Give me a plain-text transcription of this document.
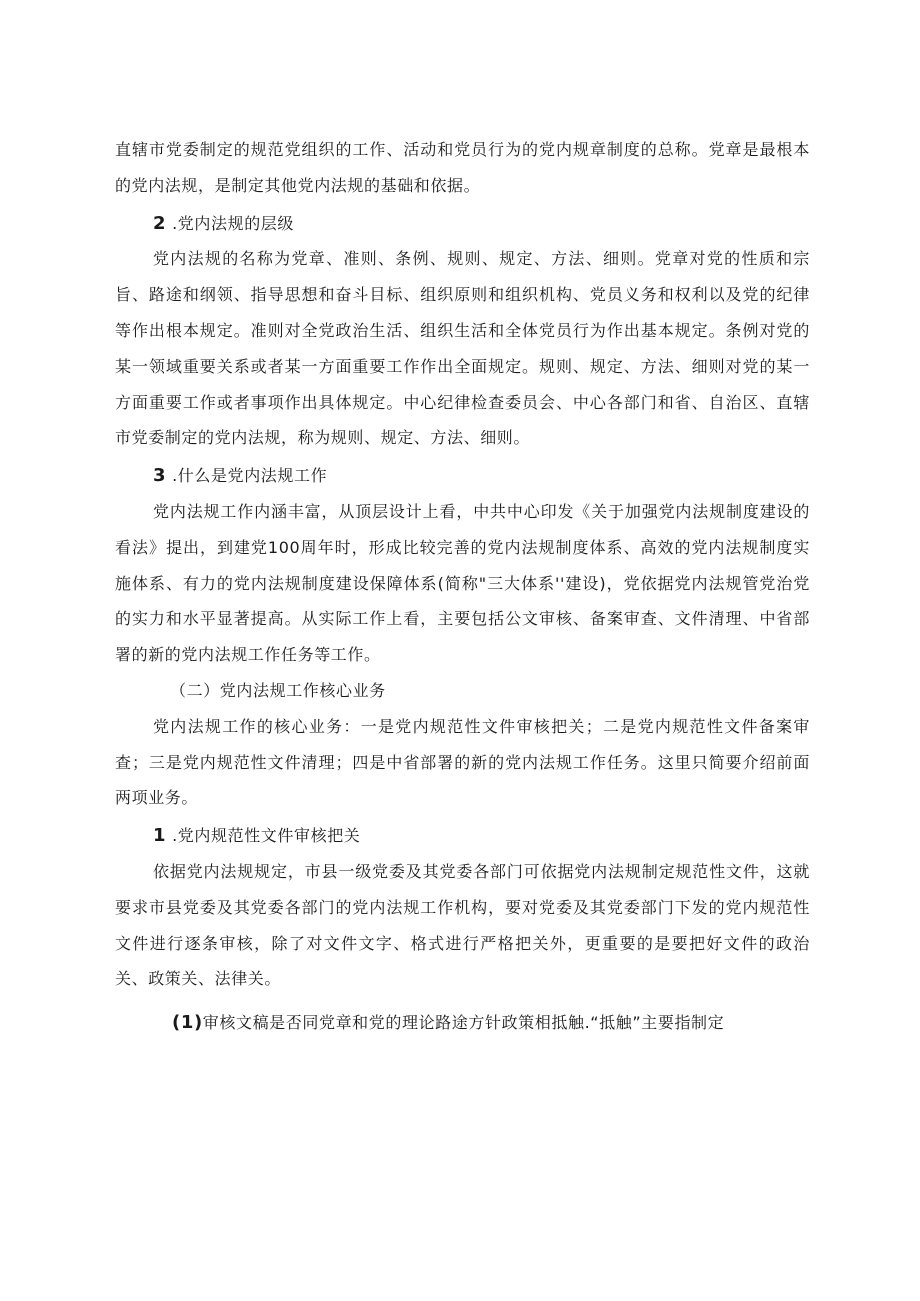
直辖市党委制定的规范党组织的工作、活动和党员行为的党内规章制度的总称。党章是最根本的党内法规，是制定其他党内法规的基础和依据。

2 .党内法规的层级

党内法规的名称为党章、准则、条例、规则、规定、方法、细则。党章对党的性质和宗旨、路途和纲领、指导思想和奋斗目标、组织原则和组织机构、党员义务和权利以及党的纪律等作出根本规定。准则对全党政治生活、组织生活和全体党员行为作出基本规定。条例对党的某一领域重要关系或者某一方面重要工作作出全面规定。规则、规定、方法、细则对党的某一方面重要工作或者事项作出具体规定。中心纪律检查委员会、中心各部门和省、自治区、直辖市党委制定的党内法规，称为规则、规定、方法、细则。

3 .什么是党内法规工作

党内法规工作内涵丰富，从顶层设计上看，中共中心印发《关于加强党内法规制度建设的看法》提出，到建党100周年时，形成比较完善的党内法规制度体系、高效的党内法规制度实施体系、有力的党内法规制度建设保障体系(简称"三大体系''建设)，党依据党内法规管党治党的实力和水平显著提高。从实际工作上看，主要包括公文审核、备案审查、文件清理、中省部署的新的党内法规工作任务等工作。

（二）党内法规工作核心业务

党内法规工作的核心业务：一是党内规范性文件审核把关；二是党内规范性文件备案审查；三是党内规范性文件清理；四是中省部署的新的党内法规工作任务。这里只简要介绍前面两项业务。

1 .党内规范性文件审核把关

依据党内法规规定，市县一级党委及其党委各部门可依据党内法规制定规范性文件，这就要求市县党委及其党委各部门的党内法规工作机构，要对党委及其党委部门下发的党内规范性文件进行逐条审核，除了对文件文字、格式进行严格把关外，更重要的是要把好文件的政治关、政策关、法律关。

(1)审核文稿是否同党章和党的理论路途方针政策相抵触.“抵触”主要指制定
